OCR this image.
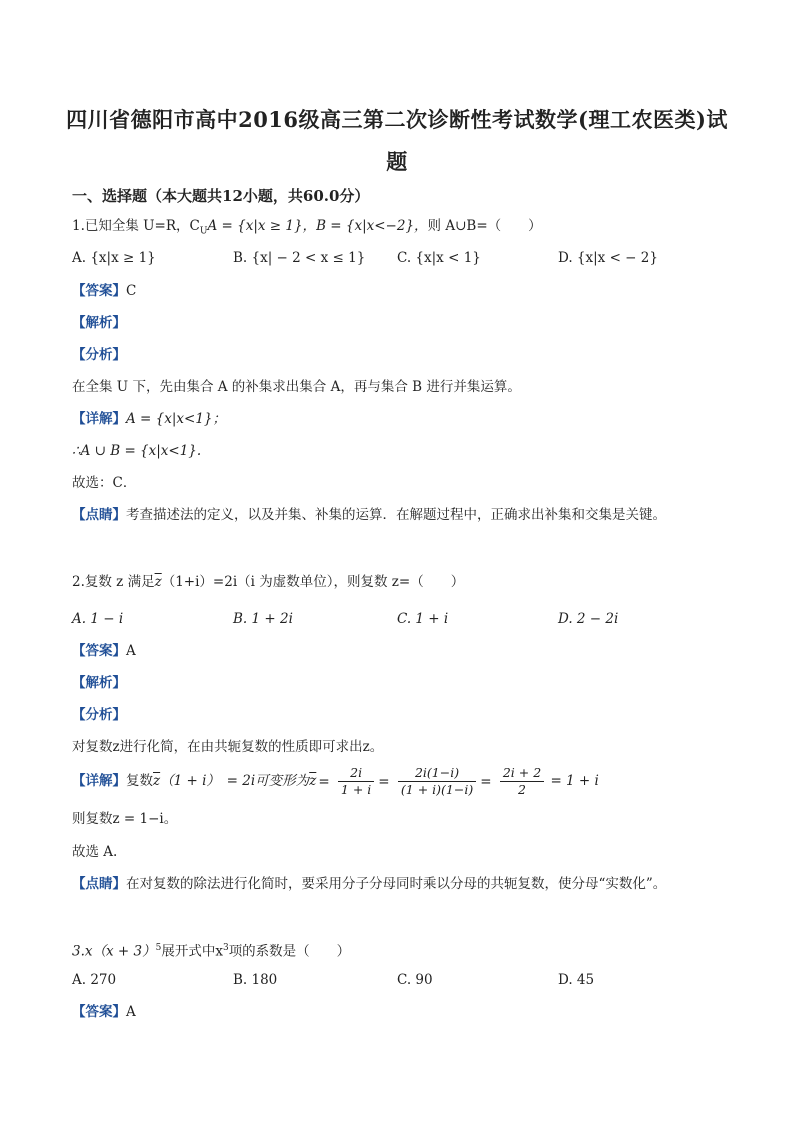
四川省德阳市高中2016级高三第二次诊断性考试数学(理工农医类)试
题
一、选择题（本大题共12小题，共60.0分）
1.已知全集 U=R，$C_UA = \{x|x \ge 1\}$，B = {x|x<−2}，则 A∪B=（　　）
A. {x|x ≥ 1}	B. {x| − 2 < x ≤ 1} C. {x|x < 1}	D. {x|x < − 2}
【答案】C
【解析】
【分析】
在全集 U 下，先由集合 A 的补集求出集合 A，再与集合 B 进行并集运算。
【详解】A = {x|x<1}；
∴A ∪ B = {x|x<1}.
故选：C．
【点睛】考查描述法的定义，以及并集、补集的运算．在解题过程中，正确求出补集和交集是关键。
2.复数 z 满足$\overline{z}(1+i)=2i(i$ 为虚数单位），则复数 z=（　　）
A. 1 − i	B. 1 + 2i	C. 1 + i	D. 2 − 2i
【答案】A
【解析】
【分析】
对复数z进行化简，在由共轭复数的性质即可求出z。
【详解】复数$\overline{z}(1 + i)$　= 2i可变形为$\overline{z} = \frac{2i}{1 + i} = \frac{2i(1-i)}{(1 + i)(1-i)} = \frac{2i + 2}{2} = 1 + i$
则复数z = 1−i。
故选 A.
【点睛】在对复数的除法进行化简时，要采用分子分母同时乘以分母的共轭复数，使分母“实数化”。
$3.x(x + 3)^5$展开式中$x^3$项的系数是（　　）
A. 270	B. 180	C. 90	D. 45
【答案】A
